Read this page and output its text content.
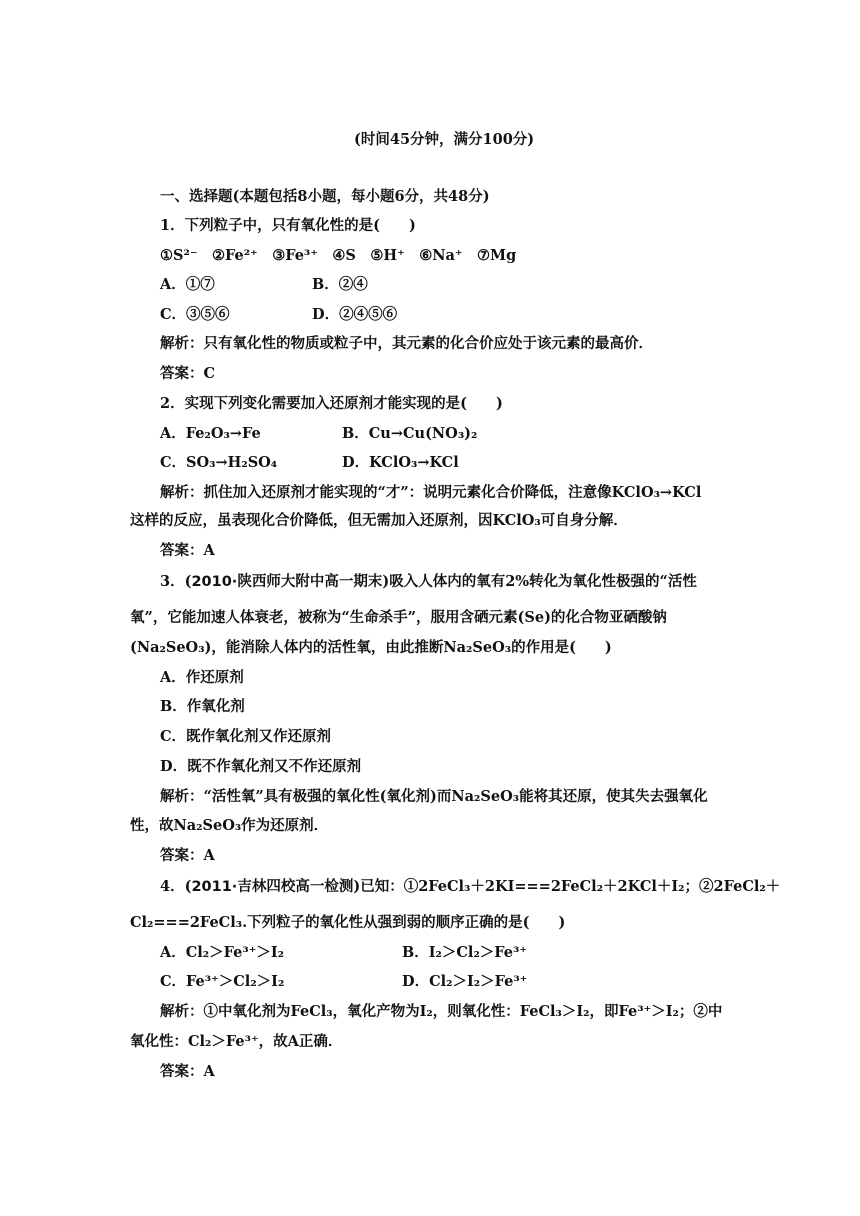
(时间45分钟，满分100分)
一、选择题(本题包括8小题，每小题6分，共48分)
1．下列粒子中，只有氧化性的是(　　)
①S²⁻　②Fe²⁺　③Fe³⁺　④S　⑤H⁺　⑥Na⁺　⑦Mg
A．①⑦	B．②④
C．③⑤⑥	D．②④⑤⑥
解析：只有氧化性的物质或粒子中，其元素的化合价应处于该元素的最高价．
答案：C
2．实现下列变化需要加入还原剂才能实现的是(　　)
A．Fe₂O₃→Fe	B．Cu→Cu(NO₃)₂
C．SO₃→H₂SO₄	D．KClO₃→KCl
解析：抓住加入还原剂才能实现的“才”：说明元素化合价降低，注意像KClO₃→KCl
这样的反应，虽表现化合价降低，但无需加入还原剂，因KClO₃可自身分解．
答案：A
3．(2010·陕西师大附中高一期末)吸入人体内的氧有2%转化为氧化性极强的“活性
氧”，它能加速人体衰老，被称为“生命杀手”，服用含硒元素(Se)的化合物亚硒酸钠
(Na₂SeO₃)，能消除人体内的活性氧，由此推断Na₂SeO₃的作用是(　　)
A．作还原剂
B．作氧化剂
C．既作氧化剂又作还原剂
D．既不作氧化剂又不作还原剂
解析：“活性氧”具有极强的氧化性(氧化剂)而Na₂SeO₃能将其还原，使其失去强氧化
性，故Na₂SeO₃作为还原剂．
答案：A
4．(2011·吉林四校高一检测)已知：①2FeCl₃＋2KI===2FeCl₂＋2KCl＋I₂；②2FeCl₂＋
Cl₂===2FeCl₃.下列粒子的氧化性从强到弱的顺序正确的是(　　)
A．Cl₂＞Fe³⁺＞I₂	B．I₂＞Cl₂＞Fe³⁺
C．Fe³⁺＞Cl₂＞I₂	D．Cl₂＞I₂＞Fe³⁺
解析：①中氧化剂为FeCl₃，氧化产物为I₂，则氧化性：FeCl₃＞I₂，即Fe³⁺＞I₂；②中
氧化性：Cl₂＞Fe³⁺，故A正确．
答案：A
